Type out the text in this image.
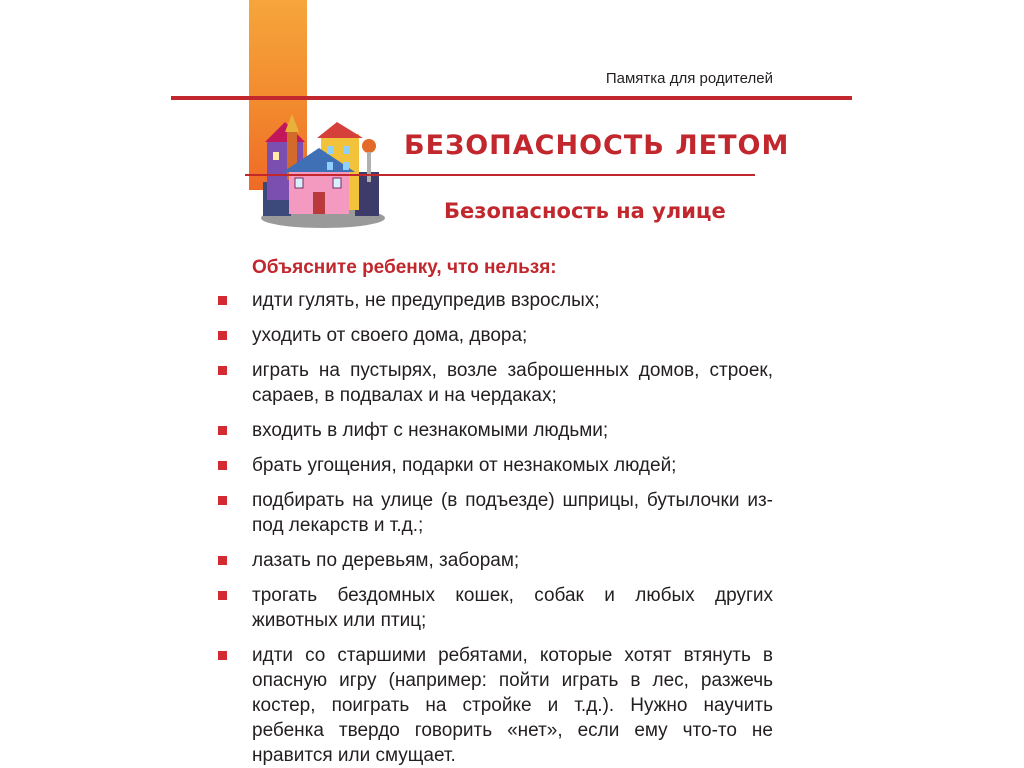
Памятка для родителей
БЕЗОПАСНОСТЬ ЛЕТОМ
Безопасность на улице
Объясните ребенку, что нельзя:
идти гулять, не предупредив взрослых;
уходить от своего дома, двора;
играть на пустырях, возле заброшенных домов, строек, сараев, в подвалах и на чердаках;
входить в лифт с незнакомыми людьми;
брать угощения, подарки от незнакомых людей;
подбирать на улице (в подъезде) шприцы, бутылочки из-под лекарств и т.д.;
лазать по деревьям, заборам;
трогать бездомных кошек, собак и любых других животных или птиц;
идти со старшими ребятами, которые хотят втянуть в опасную игру (например: пойти играть в лес, разжечь костер, поиграть на стройке и т.д.). Нужно научить ребенка твердо говорить «нет», если ему что-то не нравится или смущает.
